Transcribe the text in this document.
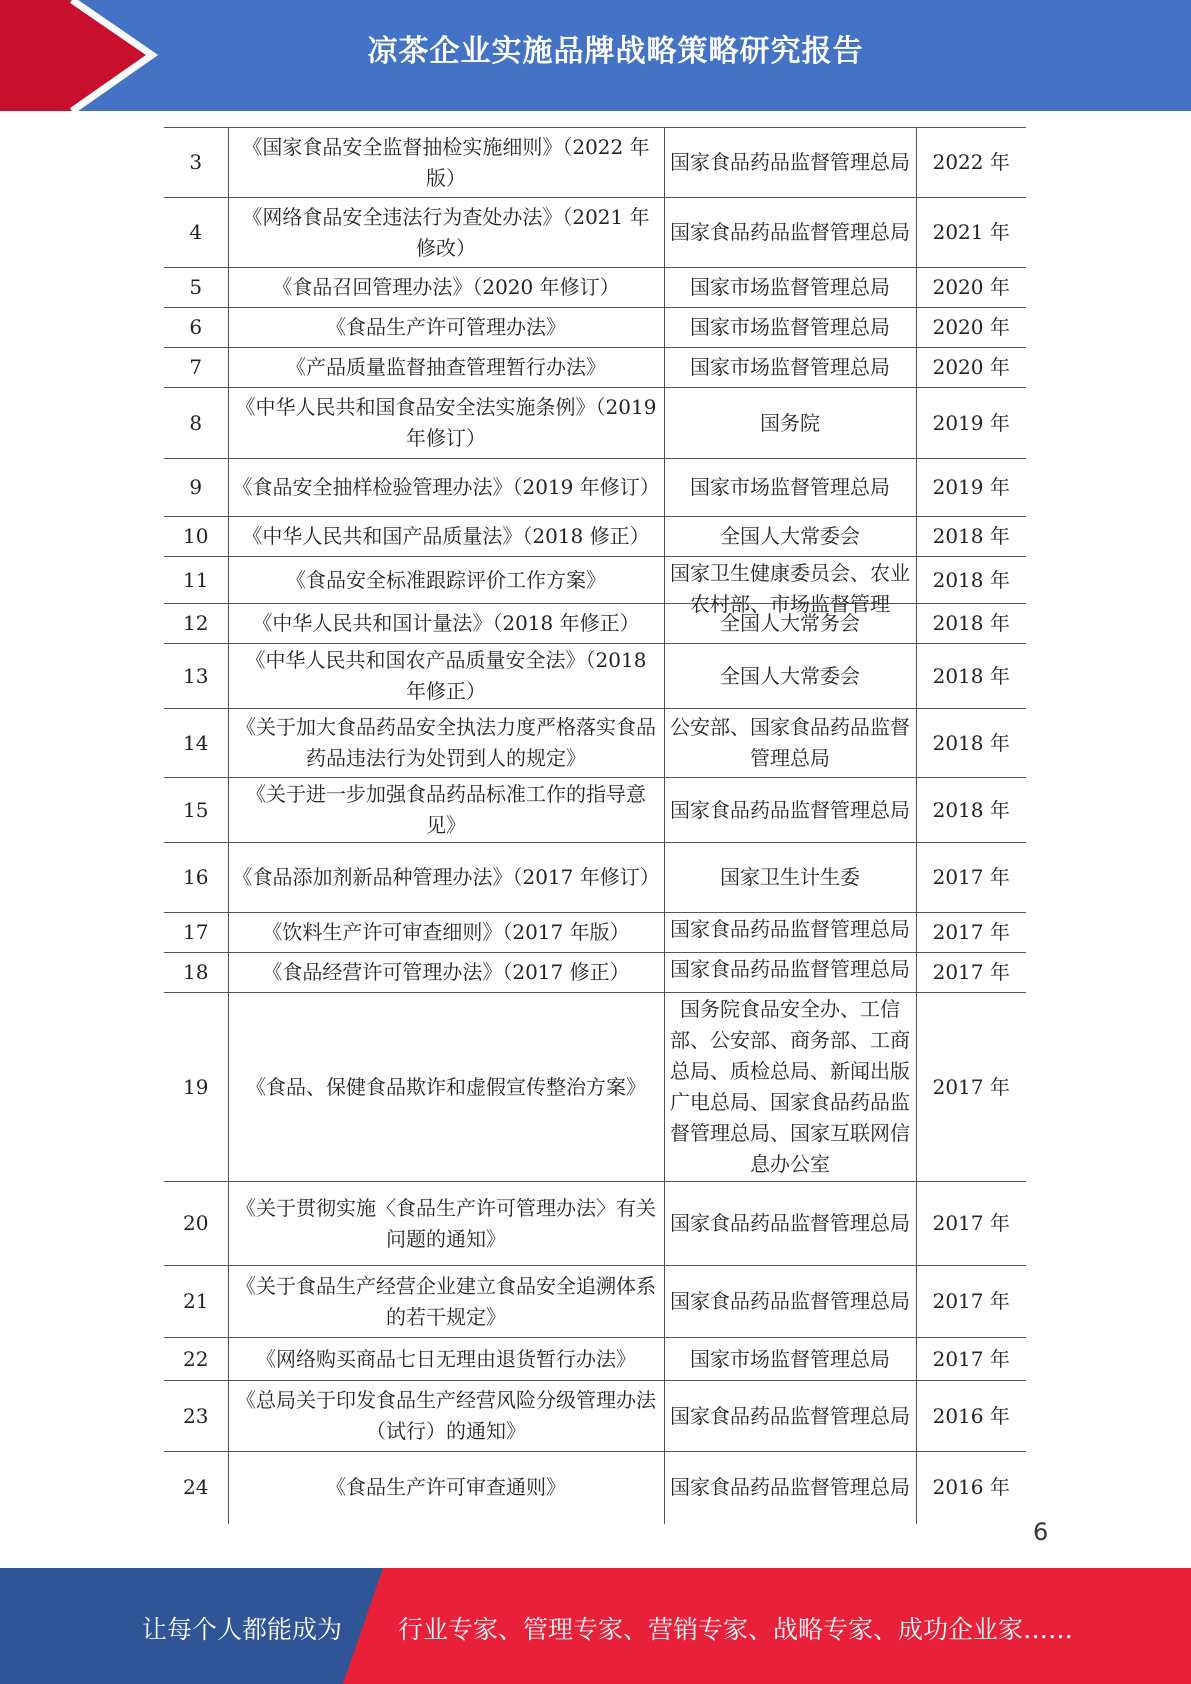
凉茶企业实施品牌战略策略研究报告
3	《国家食品安全监督抽检实施细则》（2022 年版）	国家食品药品监督管理总局	2022 年
4	《网络食品安全违法行为查处办法》（2021 年修改）	国家食品药品监督管理总局	2021 年
5	《食品召回管理办法》（2020 年修订）	国家市场监督管理总局	2020 年
6	《食品生产许可管理办法》	国家市场监督管理总局	2020 年
7	《产品质量监督抽查管理暂行办法》	国家市场监督管理总局	2020 年
8	《中华人民共和国食品安全法实施条例》（2019 年修订）	国务院	2019 年
9	《食品安全抽样检验管理办法》（2019 年修订）	国家市场监督管理总局	2019 年
10	《中华人民共和国产品质量法》（2018 修正）	全国人大常委会	2018 年
11	《食品安全标准跟踪评价工作方案》	国家卫生健康委员会、农业农村部、市场监督管理	2018 年
12	《中华人民共和国计量法》（2018 年修正）	全国人大常务会	2018 年
13	《中华人民共和国农产品质量安全法》（2018 年修正）	全国人大常委会	2018 年
14	《关于加大食品药品安全执法力度严格落实食品药品违法行为处罚到人的规定》	公安部、国家食品药品监督管理总局	2018 年
15	《关于进一步加强食品药品标准工作的指导意见》	国家食品药品监督管理总局	2018 年
16	《食品添加剂新品种管理办法》（2017 年修订）	国家卫生计生委	2017 年
17	《饮料生产许可审查细则》（2017 年版）	国家食品药品监督管理总局	2017 年
18	《食品经营许可管理办法》（2017 修正）	国家食品药品监督管理总局	2017 年
19	《食品、保健食品欺诈和虚假宣传整治方案》	国务院食品安全办、工信部、公安部、商务部、工商总局、质检总局、新闻出版广电总局、国家食品药品监督管理总局、国家互联网信息办公室	2017 年
20	《关于贯彻实施〈食品生产许可管理办法〉有关问题的通知》	国家食品药品监督管理总局	2017 年
21	《关于食品生产经营企业建立食品安全追溯体系的若干规定》	国家食品药品监督管理总局	2017 年
22	《网络购买商品七日无理由退货暂行办法》	国家市场监督管理总局	2017 年
23	《总局关于印发食品生产经营风险分级管理办法（试行）的通知》	国家食品药品监督管理总局	2016 年
24	《食品生产许可审查通则》	国家食品药品监督管理总局	2016 年
6
让每个人都能成为 行业专家、管理专家、营销专家、战略专家、成功企业家……
